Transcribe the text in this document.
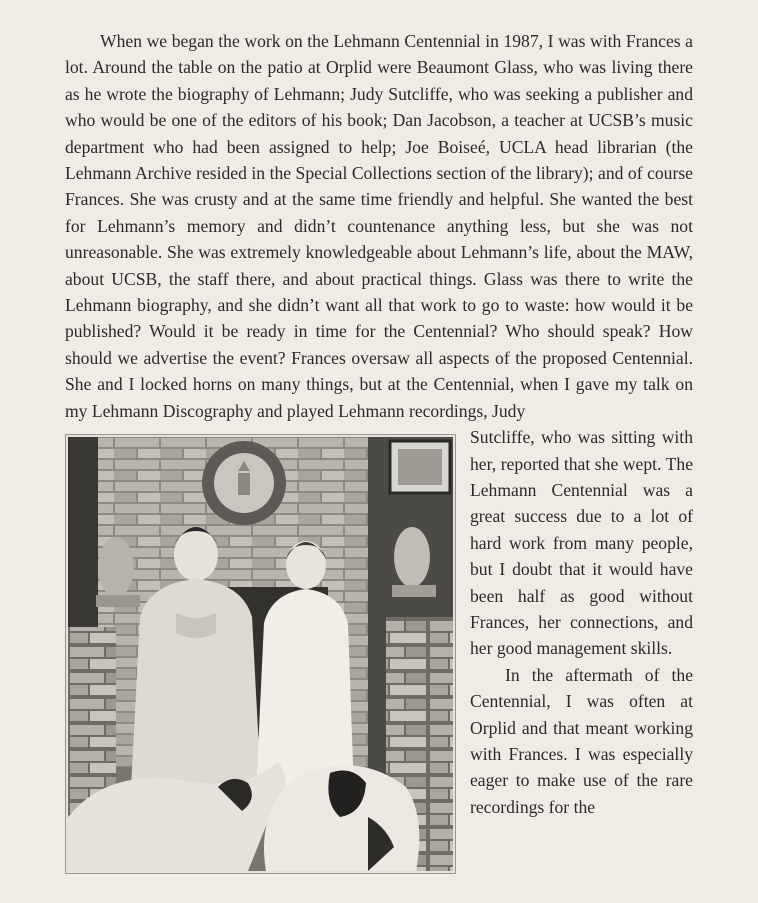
When we began the work on the Lehmann Centennial in 1987, I was with Frances a lot. Around the table on the patio at Orplid were Beaumont Glass, who was living there as he wrote the biography of Lehmann; Judy Sutcliffe, who was seeking a publisher and who would be one of the editors of his book; Dan Jacobson, a teacher at UCSB’s music department who had been assigned to help; Joe Boiseé, UCLA head librarian (the Lehmann Archive resided in the Special Collections section of the library); and of course Frances. She was crusty and at the same time friendly and helpful. She wanted the best for Lehmann’s memory and didn’t countenance anything less, but she was not unreasonable. She was extremely knowledgeable about Lehmann’s life, about the MAW, about UCSB, the staff there, and about practical things. Glass was there to write the Lehmann biography, and she didn’t want all that work to go to waste: how would it be published? Would it be ready in time for the Centennial? Who should speak? How should we advertise the event? Frances oversaw all aspects of the proposed Centennial. She and I locked horns on many things, but at the Centennial, when I gave my talk on my Lehmann Discography and played Lehmann recordings, Judy

Sutcliffe, who was sitting with her, reported that she wept. The Lehmann Centennial was a great success due to a lot of hard work from many people, but I doubt that it would have been half as good without Frances, her connections, and her good management skills.

In the aftermath of the Centennial, I was often at Orplid and that meant working with Frances. I was especially eager to make use of the rare recordings for the
